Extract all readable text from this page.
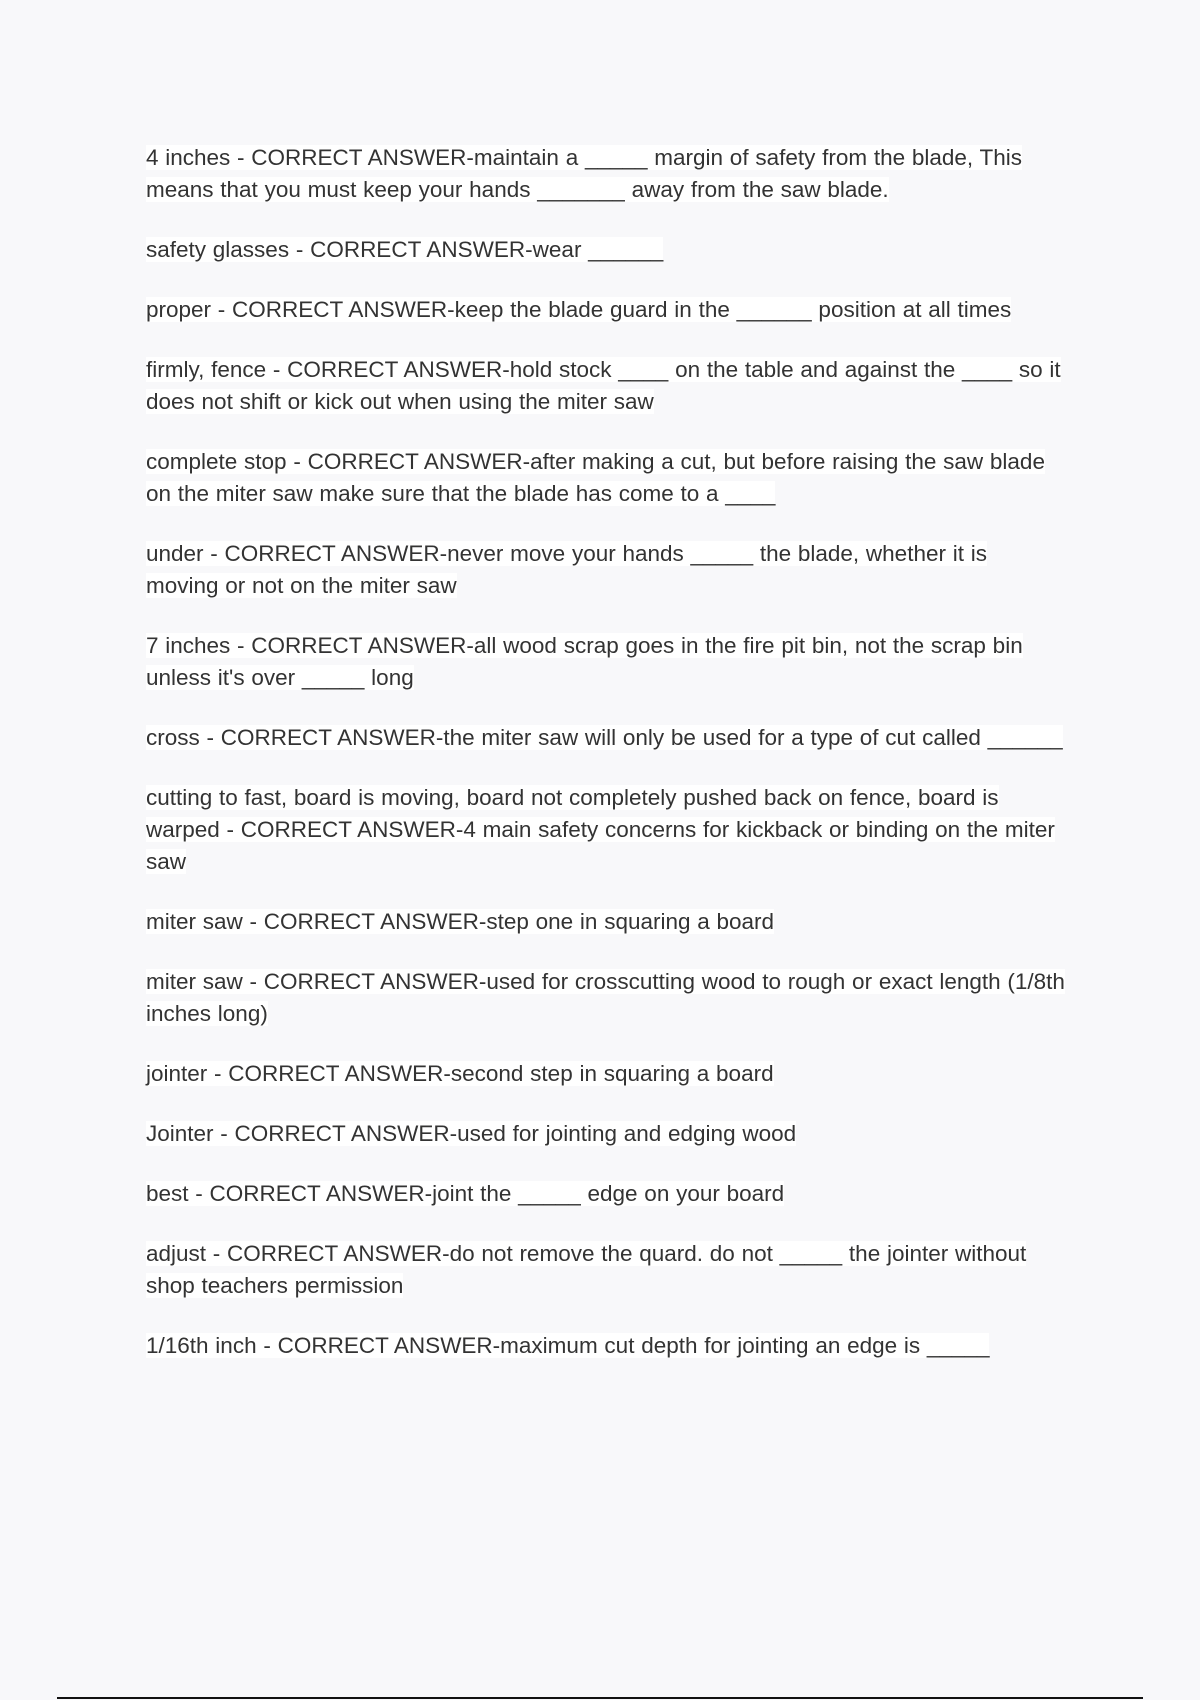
4 inches - CORRECT ANSWER-maintain a _____ margin of safety from the blade, This means that you must keep your hands _______ away from the saw blade.

safety glasses - CORRECT ANSWER-wear ______

proper - CORRECT ANSWER-keep the blade guard in the ______ position at all times

firmly, fence - CORRECT ANSWER-hold stock ____ on the table and against the ____ so it does not shift or kick out when using the miter saw

complete stop - CORRECT ANSWER-after making a cut, but before raising the saw blade on the miter saw make sure that the blade has come to a ____

under - CORRECT ANSWER-never move your hands _____ the blade, whether it is moving or not on the miter saw

7 inches - CORRECT ANSWER-all wood scrap goes in the fire pit bin, not the scrap bin unless it's over _____ long

cross - CORRECT ANSWER-the miter saw will only be used for a type of cut called ______

cutting to fast, board is moving, board not completely pushed back on fence, board is warped - CORRECT ANSWER-4 main safety concerns for kickback or binding on the miter saw

miter saw - CORRECT ANSWER-step one in squaring a board

miter saw - CORRECT ANSWER-used for crosscutting wood to rough or exact length (1/8th inches long)

jointer - CORRECT ANSWER-second step in squaring a board

Jointer - CORRECT ANSWER-used for jointing and edging wood

best - CORRECT ANSWER-joint the _____ edge on your board

adjust - CORRECT ANSWER-do not remove the quard. do not _____ the jointer without shop teachers permission

1/16th inch - CORRECT ANSWER-maximum cut depth for jointing an edge is _____
